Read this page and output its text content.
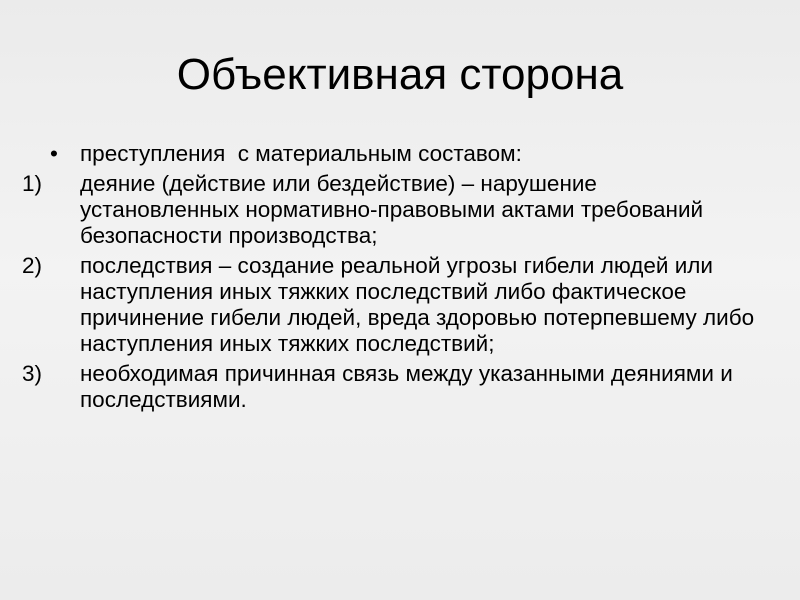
Объективная сторона
• преступления  с материальным составом:
1) деяние (действие или бездействие) – нарушение установленных нормативно-правовыми актами требований безопасности производства;
2) последствия – создание реальной угрозы гибели людей или наступления иных тяжких последствий либо фактическое причинение гибели людей, вреда здоровью потерпевшему либо наступления иных тяжких последствий;
3) необходимая причинная связь между указанными деяниями и последствиями.
